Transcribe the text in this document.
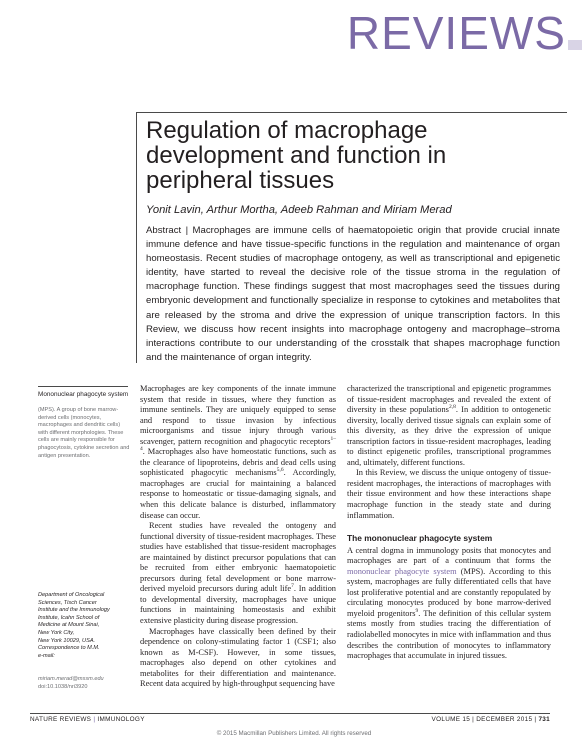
REVIEWS
Regulation of macrophage
development and function in
peripheral tissues
Yonit Lavin, Arthur Mortha, Adeeb Rahman and Miriam Merad
Abstract | Macrophages are immune cells of haematopoietic origin that provide crucial innate immune defence and have tissue-specific functions in the regulation and maintenance of organ homeostasis. Recent studies of macrophage ontogeny, as well as transcriptional and epigenetic identity, have started to reveal the decisive role of the tissue stroma in the regulation of macrophage function. These findings suggest that most macrophages seed the tissues during embryonic development and functionally specialize in response to cytokines and metabolites that are released by the stroma and drive the expression of unique transcription factors. In this Review, we discuss how recent insights into macrophage ontogeny and macrophage–stroma interactions contribute to our understanding of the crosstalk that shapes macrophage function and the maintenance of organ integrity.
Mononuclear phagocyte system
(MPS). A group of bone marrow-derived cells (monocytes, macrophages and dendritic cells) with different morphologies. These cells are mainly responsible for phagocytosis, cytokine secretion and antigen presentation.
Department of Oncological
Sciences, Tisch Cancer
Institute and the Immunology
Institute, Icahn School of
Medicine at Mount Sinai,
New York City,
New York 10029, USA.
Correspondence to M.M.
e-mail:
miriam.merad@mssm.edu
doi:10.1038/nri3920

Macrophages are key components of the innate immune system that reside in tissues, where they function as immune sentinels. They are uniquely equipped to sense and respond to tissue invasion by infectious microorganisms and tissue injury through various scavenger, pattern recognition and phagocytic receptors$^{1-4}$. Macrophages also have homeostatic functions, such as the clearance of lipoproteins, debris and dead cells using sophisticated phagocytic mechanisms$^{5,6}$. Accordingly, macrophages are crucial for maintaining a balanced response to homeostatic or tissue-damaging signals, and when this delicate balance is disturbed, inflammatory disease can occur.

Recent studies have revealed the ontogeny and functional diversity of tissue-resident macrophages. These studies have established that tissue-resident macrophages are maintained by distinct precursor populations that can be recruited from either embryonic haematopoietic precursors during fetal development or bone marrow-derived myeloid precursors during adult life$^7$. In addition to developmental diversity, macrophages have unique functions in maintaining homeostasis and exhibit extensive plasticity during disease progression.

Macrophages have classically been defined by their dependence on colony-stimulating factor 1 (CSF1; also known as M-CSF). However, in some tissues, macrophages also depend on other cytokines and metabolites for their differentiation and maintenance. Recent data acquired by high-throughput sequencing have

characterized the transcriptional and epigenetic programmes of tissue-resident macrophages and revealed the extent of diversity in these populations$^{2,8}$. In addition to ontogenetic diversity, locally derived tissue signals can explain some of this diversity, as they drive the expression of unique transcription factors in tissue-resident macrophages, leading to distinct epigenetic profiles, transcriptional programmes and, ultimately, different functions.

In this Review, we discuss the unique ontogeny of tissue-resident macrophages, the interactions of macrophages with their tissue environment and how these interactions shape macrophage function in the steady state and during inflammation.

The mononuclear phagocyte system

A central dogma in immunology posits that monocytes and macrophages are part of a continuum that forms the mononuclear phagocyte system (MPS). According to this system, macrophages are fully differentiated cells that have lost proliferative potential and are constantly repopulated by circulating monocytes produced by bone marrow-derived myeloid progenitors$^9$. The definition of this cellular system stems mostly from studies tracing the differentiation of radiolabelled monocytes in mice with inflammation and thus describes the contribution of monocytes to inflammatory macrophages that accumulate in injured tissues.

NATURE REVIEWS | IMMUNOLOGY	VOLUME 15 | DECEMBER 2015 | 731
© 2015 Macmillan Publishers Limited. All rights reserved
